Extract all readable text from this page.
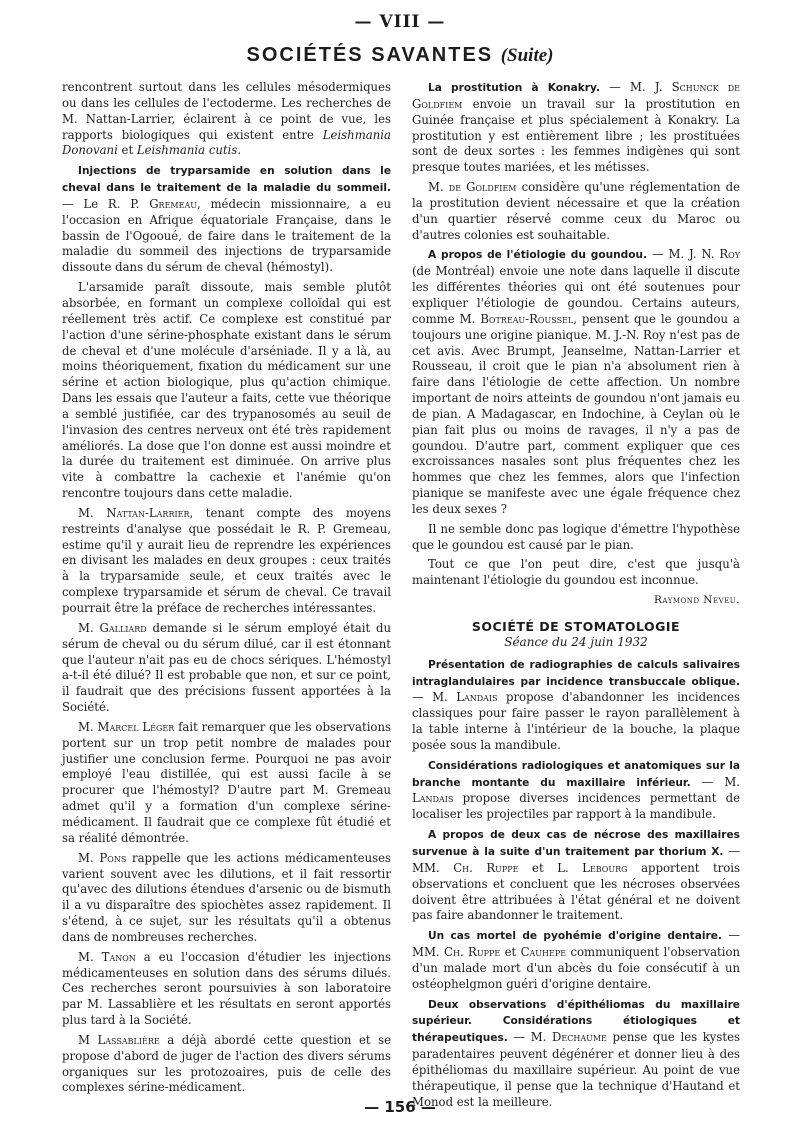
— VIII —
SOCIÉTÉS SAVANTES (Suite)

rencontrent surtout dans les cellules mésodermiques ou dans les cellules de l'ectoderme. Les recherches de M. Nattan-Larrier, éclairent à ce point de vue, les rapports biologiques qui existent entre Leishmania Donovani et Leishmania cutis.

Injections de tryparsamide en solution dans le cheval dans le traitement de la maladie du sommeil. — Le R. P. Gremeau, médecin missionnaire, a eu l'occasion en Afrique équatoriale Française, dans le bassin de l'Ogooué, de faire dans le traitement de la maladie du sommeil des injections de tryparsamide dissoute dans du sérum de cheval (hémostyl).

L'arsamide paraît dissoute, mais semble plutôt absorbée, en formant un complexe colloïdal qui est réellement très actif. Ce complexe est constitué par l'action d'une sérine-phosphate existant dans le sérum de cheval et d'une molécule d'arséniade. Il y a là, au moins théoriquement, fixation du médicament sur une sérine et action biologique, plus qu'action chimique. Dans les essais que l'auteur a faits, cette vue théorique a semblé justifiée, car des trypanosomés au seuil de l'invasion des centres nerveux ont été très rapidement améliorés. La dose que l'on donne est aussi moindre et la durée du traitement est diminuée. On arrive plus vite à combattre la cachexie et l'anémie qu'on rencontre toujours dans cette maladie.

M. Nattan-Larrier, tenant compte des moyens restreints d'analyse que possédait le R. P. Gremeau, estime qu'il y aurait lieu de reprendre les expériences en divisant les malades en deux groupes : ceux traités à la tryparsamide seule, et ceux traités avec le complexe tryparsamide et sérum de cheval. Ce travail pourrait être la préface de recherches intéressantes.

M. Galliard demande si le sérum employé était du sérum de cheval ou du sérum dilué, car il est étonnant que l'auteur n'ait pas eu de chocs sériques. L'hémostyl a-t-il été dilué? Il est probable que non, et sur ce point, il faudrait que des précisions fussent apportées à la Société.

M. Marcel Léger fait remarquer que les observations portent sur un trop petit nombre de malades pour justifier une conclusion ferme. Pourquoi ne pas avoir employé l'eau distillée, qui est aussi facile à se procurer que l'hémostyl? D'autre part M. Gremeau admet qu'il y a formation d'un complexe sérine-médicament. Il faudrait que ce complexe fût étudié et sa réalité démontrée.

M. Pons rappelle que les actions médicamenteuses varient souvent avec les dilutions, et il fait ressortir qu'avec des dilutions étendues d'arsenic ou de bismuth il a vu disparaître des spiochètes assez rapidement. Il s'étend, à ce sujet, sur les résultats qu'il a obtenus dans de nombreuses recherches.

M. Tanon a eu l'occasion d'étudier les injections médicamenteuses en solution dans des sérums dilués. Ces recherches seront poursuivies à son laboratoire par M. Lassablière et les résultats en seront apportés plus tard à la Société.

M Lassablière a déjà abordé cette question et se propose d'abord de juger de l'action des divers sérums organiques sur les protozoaires, puis de celle des complexes sérine-médicament.

La prostitution à Konakry. — M. J. Schunck de Goldfiem envoie un travail sur la prostitution en Guinée française et plus spécialement à Konakry. La prostitution y est entièrement libre ; les prostituées sont de deux sortes : les femmes indigènes qui sont presque toutes mariées, et les métisses.

M. de Goldfiem considère qu'une réglementation de la prostitution devient nécessaire et que la création d'un quartier réservé comme ceux du Maroc ou d'autres colonies est souhaitable.

A propos de l'étiologie du goundou. — M. J. N. Roy (de Montréal) envoie une note dans laquelle il discute les différentes théories qui ont été soutenues pour expliquer l'étiologie de goundou. Certains auteurs, comme M. Botreau-Roussel, pensent que le goundou a toujours une origine pianique. M. J.-N. Roy n'est pas de cet avis. Avec Brumpt, Jeanselme, Nattan-Larrier et Rousseau, il croit que le pian n'a absolument rien à faire dans l'étiologie de cette affection. Un nombre important de noirs atteints de goundou n'ont jamais eu de pian. A Madagascar, en Indochine, à Ceylan où le pian fait plus ou moins de ravages, il n'y a pas de goundou. D'autre part, comment expliquer que ces excroissances nasales sont plus fréquentes chez les hommes que chez les femmes, alors que l'infection pianique se manifeste avec une égale fréquence chez les deux sexes ?

Il ne semble donc pas logique d'émettre l'hypothèse que le goundou est causé par le pian.

Tout ce que l'on peut dire, c'est que jusqu'à maintenant l'étiologie du goundou est inconnue.

Raymond Neveu.
SOCIÉTÉ DE STOMATOLOGIE
Séance du 24 juin 1932

Présentation de radiographies de calculs salivaires intraglandulaires par incidence transbuccale oblique. — M. Landais propose d'abandonner les incidences classiques pour faire passer le rayon parallèlement à la table interne à l'intérieur de la bouche, la plaque posée sous la mandibule.

Considérations radiologiques et anatomiques sur la branche montante du maxillaire inférieur. — M. Landais propose diverses incidences permettant de localiser les projectiles par rapport à la mandibule.

A propos de deux cas de nécrose des maxillaires survenue à la suite d'un traitement par thorium X. — MM. Ch. Ruppe et L. Lebourg apportent trois observations et concluent que les nécroses observées doivent être attribuées à l'état général et ne doivent pas faire abandonner le traitement.

Un cas mortel de pyohémie d'origine dentaire. — MM. Ch. Ruppe et Cauhepe communiquent l'observation d'un malade mort d'un abcès du foie consécutif à un ostéophelgmon guéri d'origine dentaire.

Deux observations d'épithéliomas du maxillaire supérieur. Considérations étiologiques et thérapeutiques. — M. Dechaume pense que les kystes paradentaires peuvent dégénérer et donner lieu à des épithéliomas du maxillaire supérieur. Au point de vue thérapeutique, il pense que la technique d'Hautand et Monod est la meilleure.

— 156 —
